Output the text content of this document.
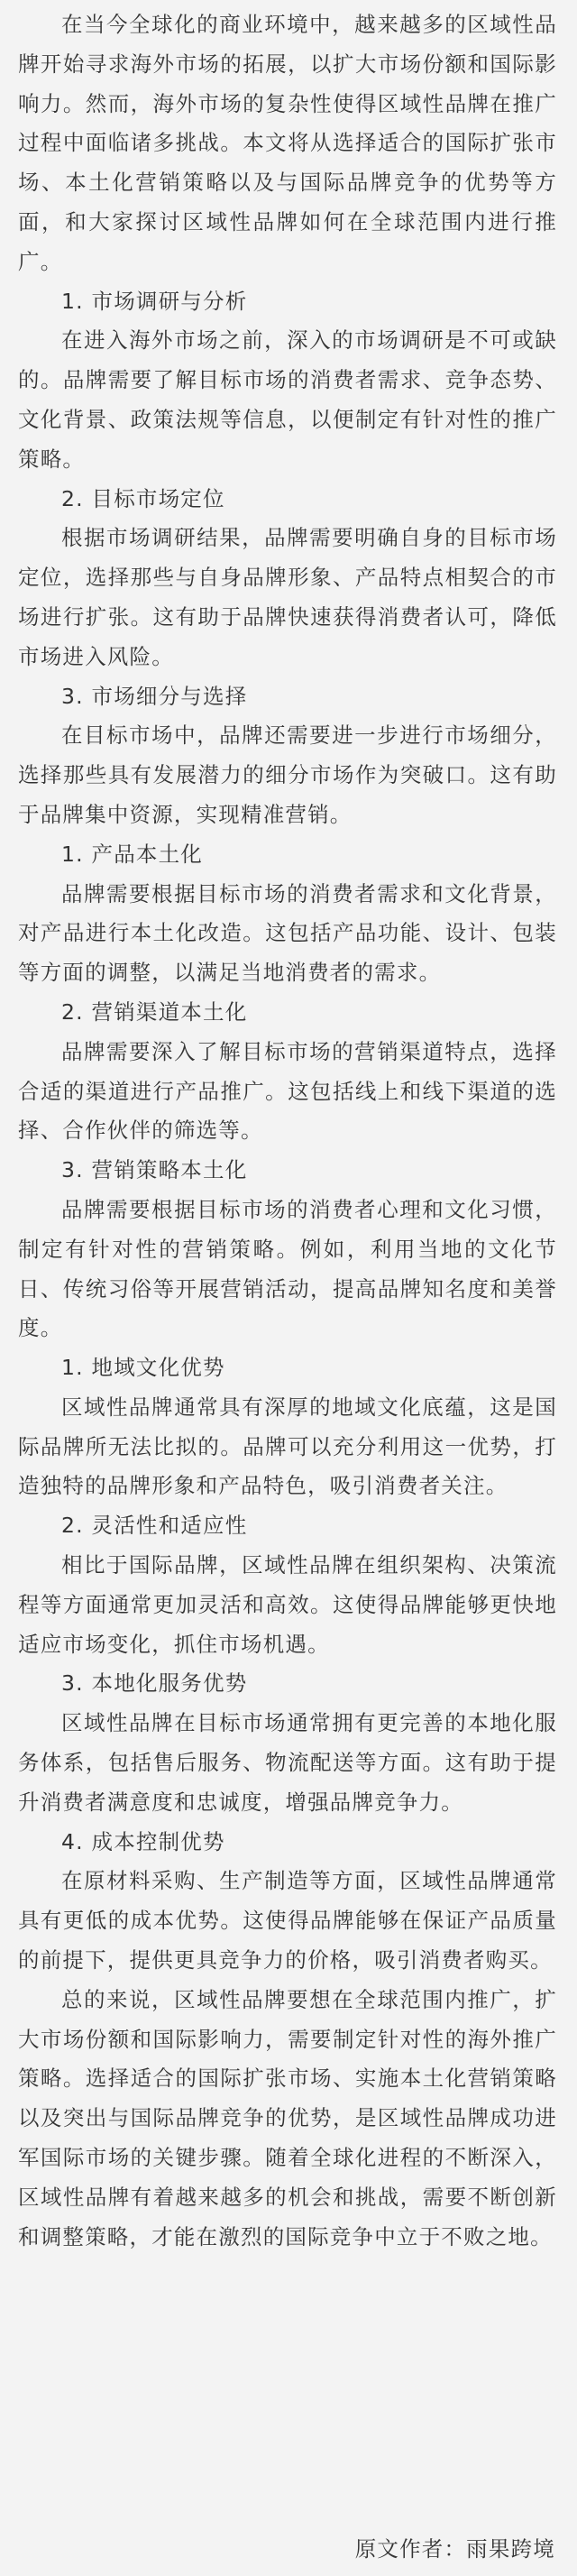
在当今全球化的商业环境中，越来越多的区域性品牌开始寻求海外市场的拓展，以扩大市场份额和国际影响力。然而，海外市场的复杂性使得区域性品牌在推广过程中面临诸多挑战。本文将从选择适合的国际扩张市场、本土化营销策略以及与国际品牌竞争的优势等方面，和大家探讨区域性品牌如何在全球范围内进行推广。

1. 市场调研与分析

在进入海外市场之前，深入的市场调研是不可或缺的。品牌需要了解目标市场的消费者需求、竞争态势、文化背景、政策法规等信息，以便制定有针对性的推广策略。

2. 目标市场定位

根据市场调研结果，品牌需要明确自身的目标市场定位，选择那些与自身品牌形象、产品特点相契合的市场进行扩张。这有助于品牌快速获得消费者认可，降低市场进入风险。

3. 市场细分与选择

在目标市场中，品牌还需要进一步进行市场细分，选择那些具有发展潜力的细分市场作为突破口。这有助于品牌集中资源，实现精准营销。

1. 产品本土化

品牌需要根据目标市场的消费者需求和文化背景，对产品进行本土化改造。这包括产品功能、设计、包装等方面的调整，以满足当地消费者的需求。

2. 营销渠道本土化

品牌需要深入了解目标市场的营销渠道特点，选择合适的渠道进行产品推广。这包括线上和线下渠道的选择、合作伙伴的筛选等。

3. 营销策略本土化

品牌需要根据目标市场的消费者心理和文化习惯，制定有针对性的营销策略。例如，利用当地的文化节日、传统习俗等开展营销活动，提高品牌知名度和美誉度。

1. 地域文化优势

区域性品牌通常具有深厚的地域文化底蕴，这是国际品牌所无法比拟的。品牌可以充分利用这一优势，打造独特的品牌形象和产品特色，吸引消费者关注。

2. 灵活性和适应性

相比于国际品牌，区域性品牌在组织架构、决策流程等方面通常更加灵活和高效。这使得品牌能够更快地适应市场变化，抓住市场机遇。

3. 本地化服务优势

区域性品牌在目标市场通常拥有更完善的本地化服务体系，包括售后服务、物流配送等方面。这有助于提升消费者满意度和忠诚度，增强品牌竞争力。

4. 成本控制优势

在原材料采购、生产制造等方面，区域性品牌通常具有更低的成本优势。这使得品牌能够在保证产品质量的前提下，提供更具竞争力的价格，吸引消费者购买。

总的来说，区域性品牌要想在全球范围内推广，扩大市场份额和国际影响力，需要制定针对性的海外推广策略。选择适合的国际扩张市场、实施本土化营销策略以及突出与国际品牌竞争的优势，是区域性品牌成功进军国际市场的关键步骤。随着全球化进程的不断深入，区域性品牌有着越来越多的机会和挑战，需要不断创新和调整策略，才能在激烈的国际竞争中立于不败之地。

原文作者：雨果跨境
